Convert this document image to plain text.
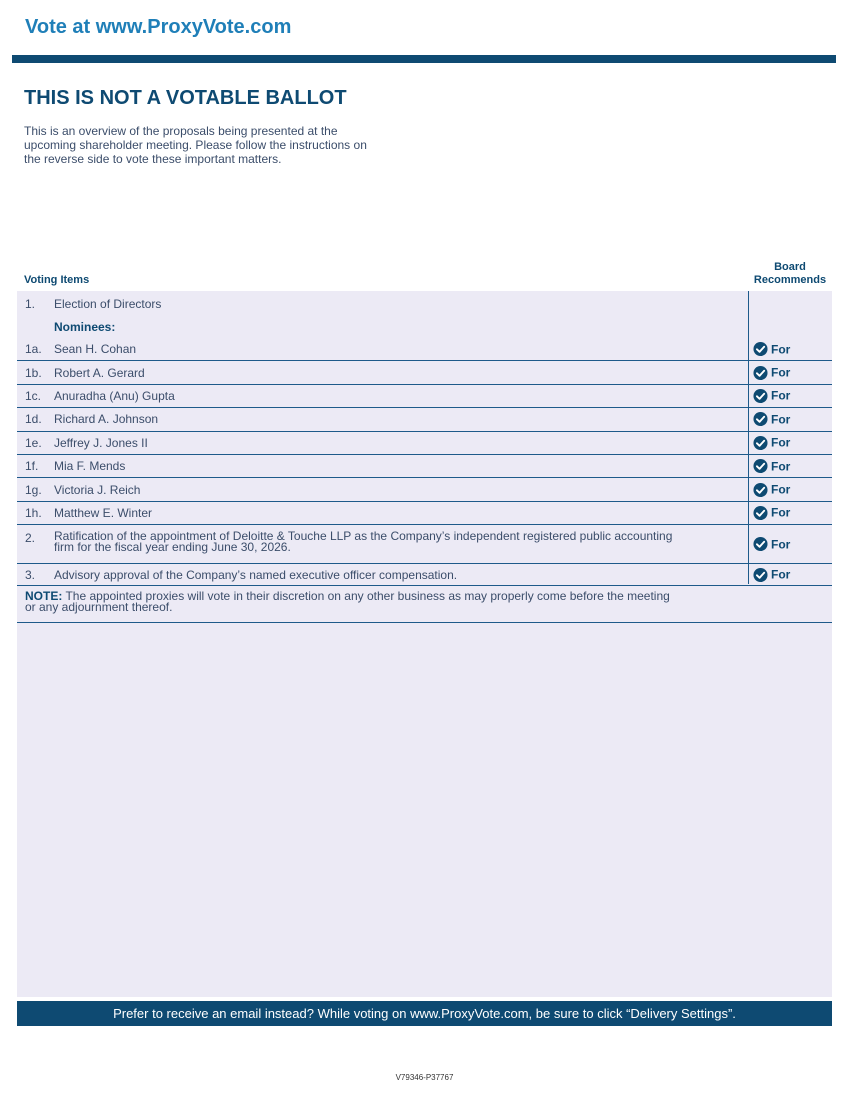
Vote at www.ProxyVote.com
THIS IS NOT A VOTABLE BALLOT

This is an overview of the proposals being presented at the
upcoming shareholder meeting. Please follow the instructions on
the reverse side to vote these important matters.

Voting Items
Board
Recommends
1. Election of Directors
Nominees:
1a. Sean H. Cohan	For
1b. Robert A. Gerard	For
1c. Anuradha (Anu) Gupta	For
1d. Richard A. Johnson	For
1e. Jeffrey J. Jones II	For
1f. Mia F. Mends	For
1g. Victoria J. Reich	For
1h. Matthew E. Winter	For
2. Ratification of the appointment of Deloitte & Touche LLP as the Company’s independent registered public accounting
firm for the fiscal year ending June 30, 2026.	For
3. Advisory approval of the Company’s named executive officer compensation.	For

NOTE: The appointed proxies will vote in their discretion on any other business as may properly come before the meeting
or any adjournment thereof.

Prefer to receive an email instead? While voting on www.ProxyVote.com, be sure to click “Delivery Settings”.
V79346-P37767
